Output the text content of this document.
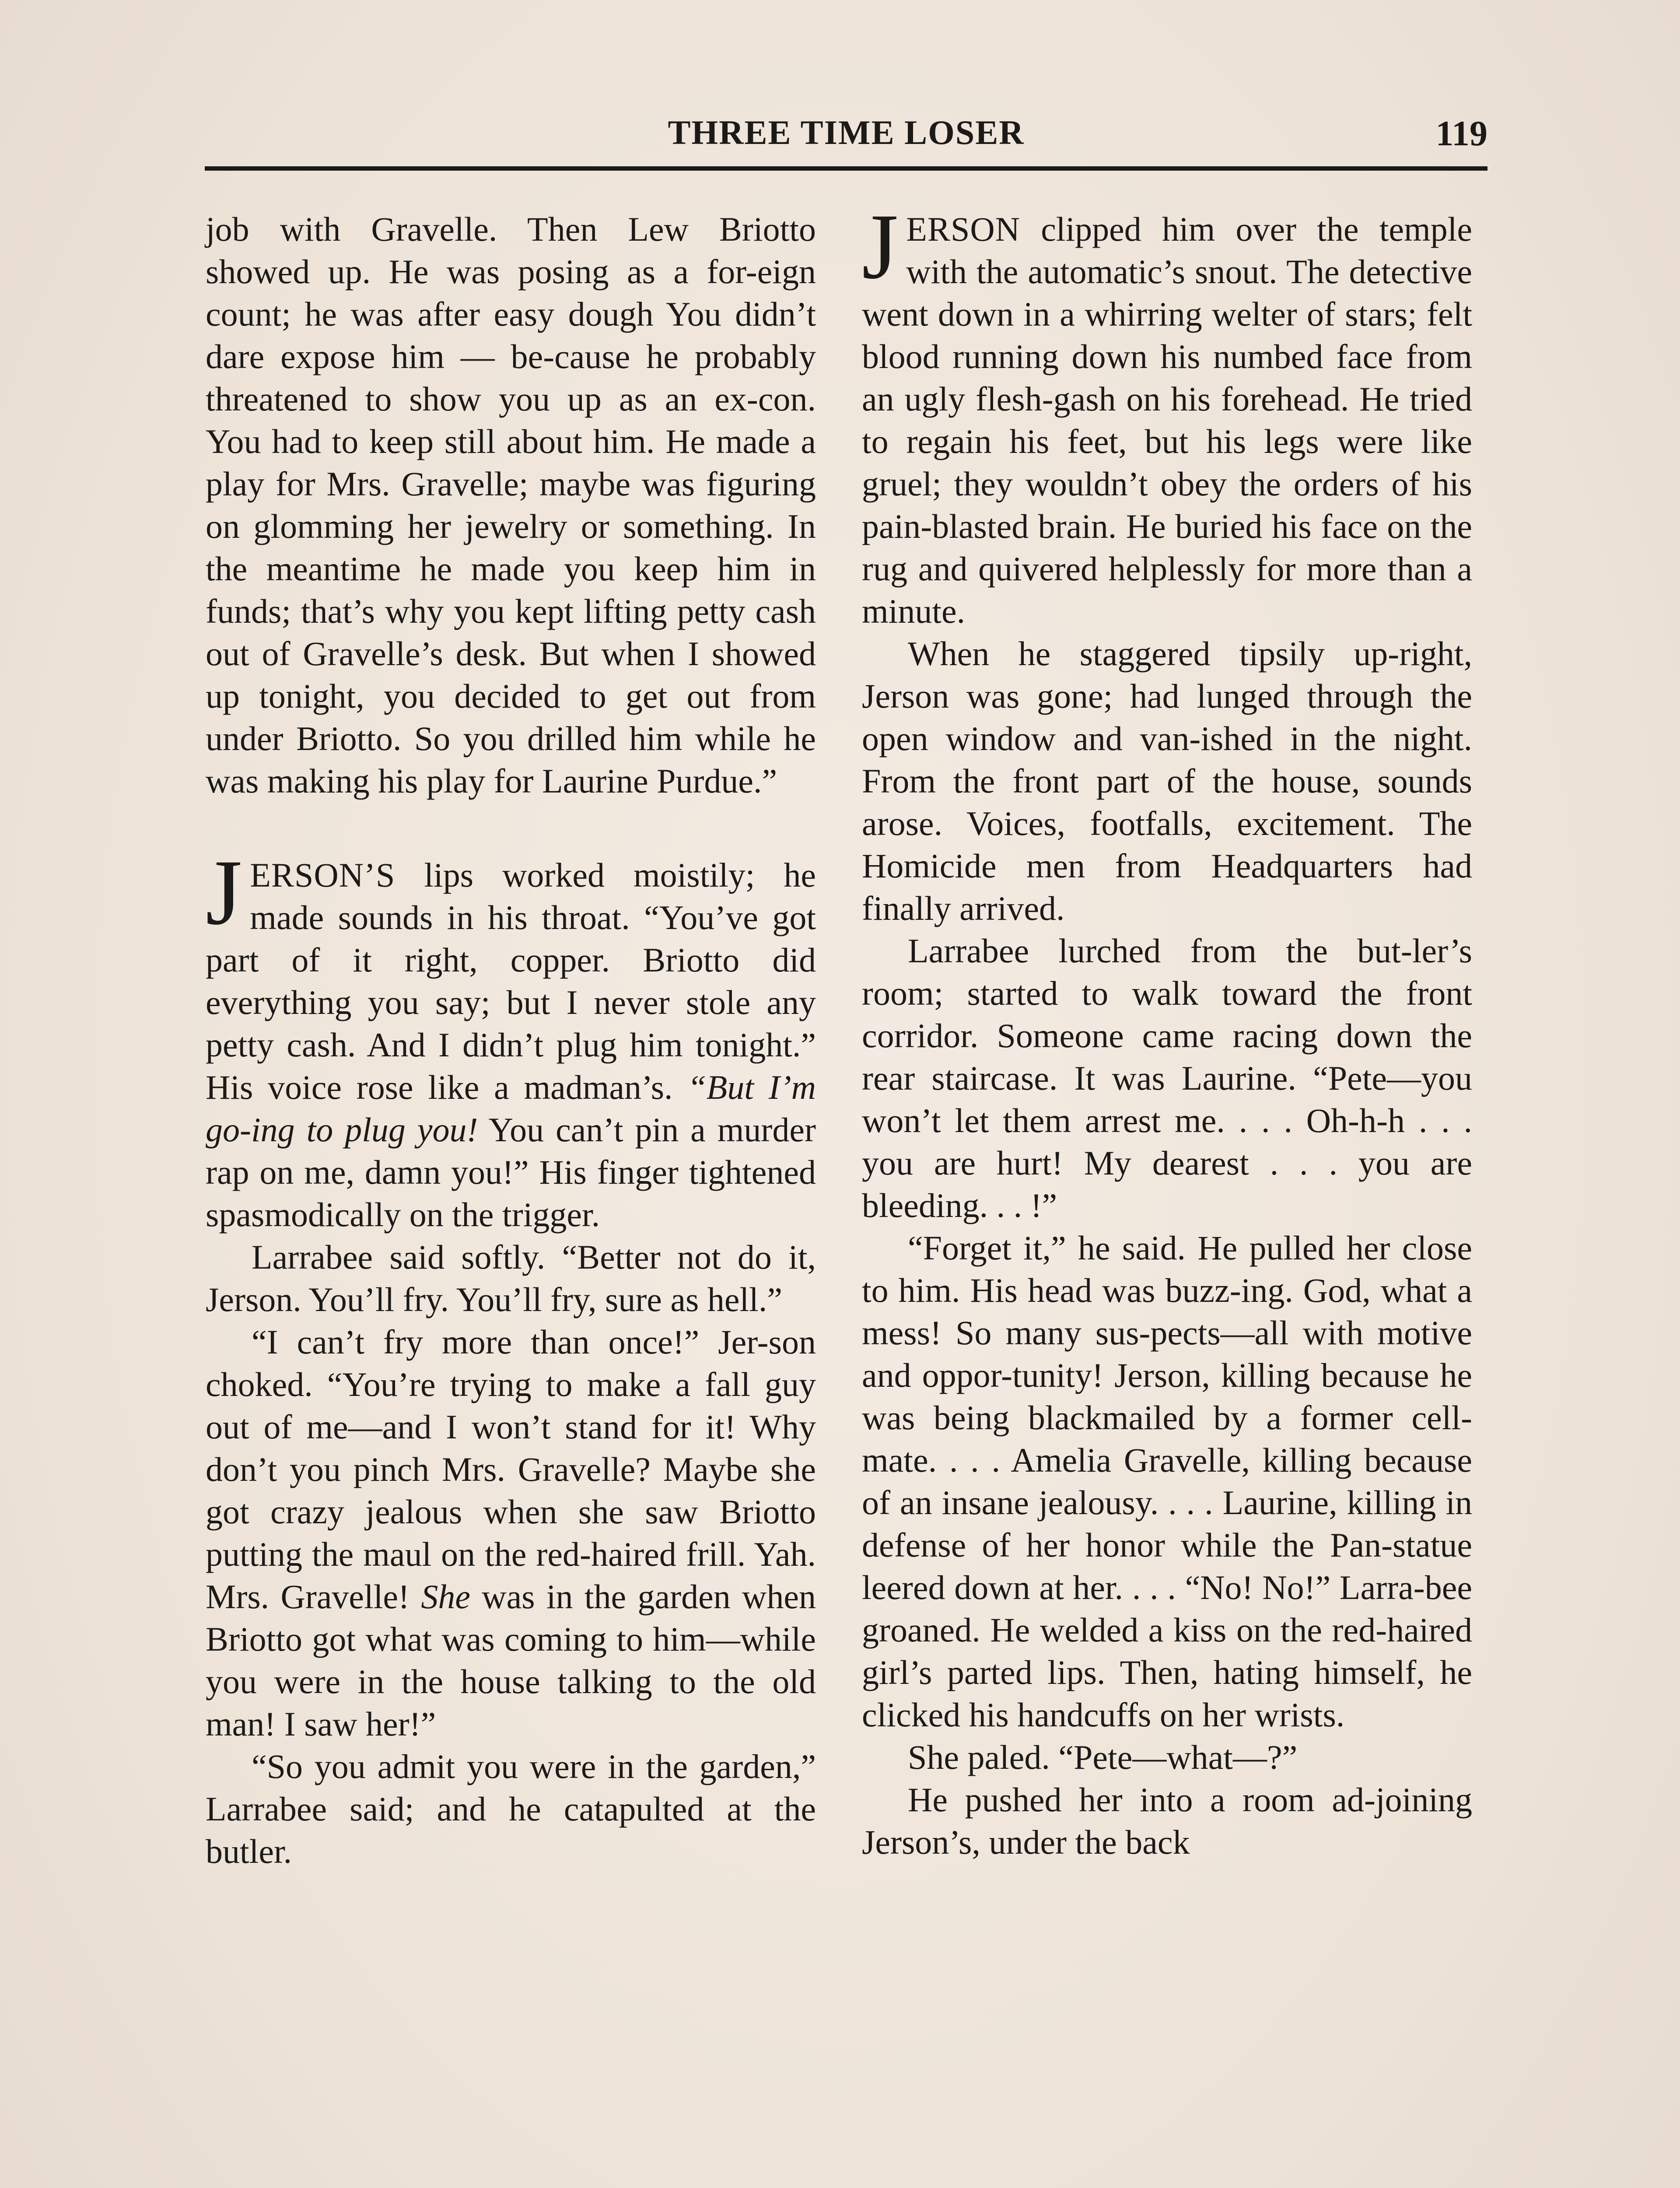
THREE TIME LOSER	119

job with Gravelle. Then Lew Briotto showed up. He was posing as a for-eign count; he was after easy dough You didn’t dare expose him — be-cause he probably threatened to show you up as an ex-con. You had to keep still about him. He made a play for Mrs. Gravelle; maybe was figuring on glomming her jewelry or something. In the meantime he made you keep him in funds; that’s why you kept lifting petty cash out of Gravelle’s desk. But when I showed up tonight, you decided to get out from under Briotto. So you drilled him while he was making his play for Laurine Purdue.”

JERSON’S lips worked moistily; he made sounds in his throat. “You’ve got part of it right, copper. Briotto did everything you say; but I never stole any petty cash. And I didn’t plug him tonight.” His voice rose like a madman’s. “But I’m go-ing to plug you! You can’t pin a murder rap on me, damn you!” His finger tightened spasmodically on the trigger.

Larrabee said softly. “Better not do it, Jerson. You’ll fry. You’ll fry, sure as hell.”

“I can’t fry more than once!” Jer-son choked. “You’re trying to make a fall guy out of me—and I won’t stand for it! Why don’t you pinch Mrs. Gravelle? Maybe she got crazy jealous when she saw Briotto putting the maul on the red-haired frill. Yah. Mrs. Gravelle! She was in the garden when Briotto got what was coming to him—while you were in the house talking to the old man! I saw her!”

“So you admit you were in the garden,” Larrabee said; and he catapulted at the butler.

JERSON clipped him over the temple with the automatic’s snout. The detective went down in a whirring welter of stars; felt blood running down his numbed face from an ugly flesh-gash on his forehead. He tried to regain his feet, but his legs were like gruel; they wouldn’t obey the orders of his pain-blasted brain. He buried his face on the rug and quivered helplessly for more than a minute.

When he staggered tipsily up-right, Jerson was gone; had lunged through the open window and van-ished in the night. From the front part of the house, sounds arose. Voices, footfalls, excitement. The Homicide men from Headquarters had finally arrived.

Larrabee lurched from the but-ler’s room; started to walk toward the front corridor. Someone came racing down the rear staircase. It was Laurine. “Pete—you won’t let them arrest me. . . . Oh-h-h . . . you are hurt! My dearest . . . you are bleeding. . . !”

“Forget it,” he said. He pulled her close to him. His head was buzz-ing. God, what a mess! So many sus-pects—all with motive and oppor-tunity! Jerson, killing because he was being blackmailed by a former cell-mate. . . . Amelia Gravelle, killing because of an insane jealousy. . . . Laurine, killing in defense of her honor while the Pan-statue leered down at her. . . . “No! No!” Larra-bee groaned. He welded a kiss on the red-haired girl’s parted lips. Then, hating himself, he clicked his handcuffs on her wrists.

She paled. “Pete—what—?”

He pushed her into a room ad-joining Jerson’s, under the back
